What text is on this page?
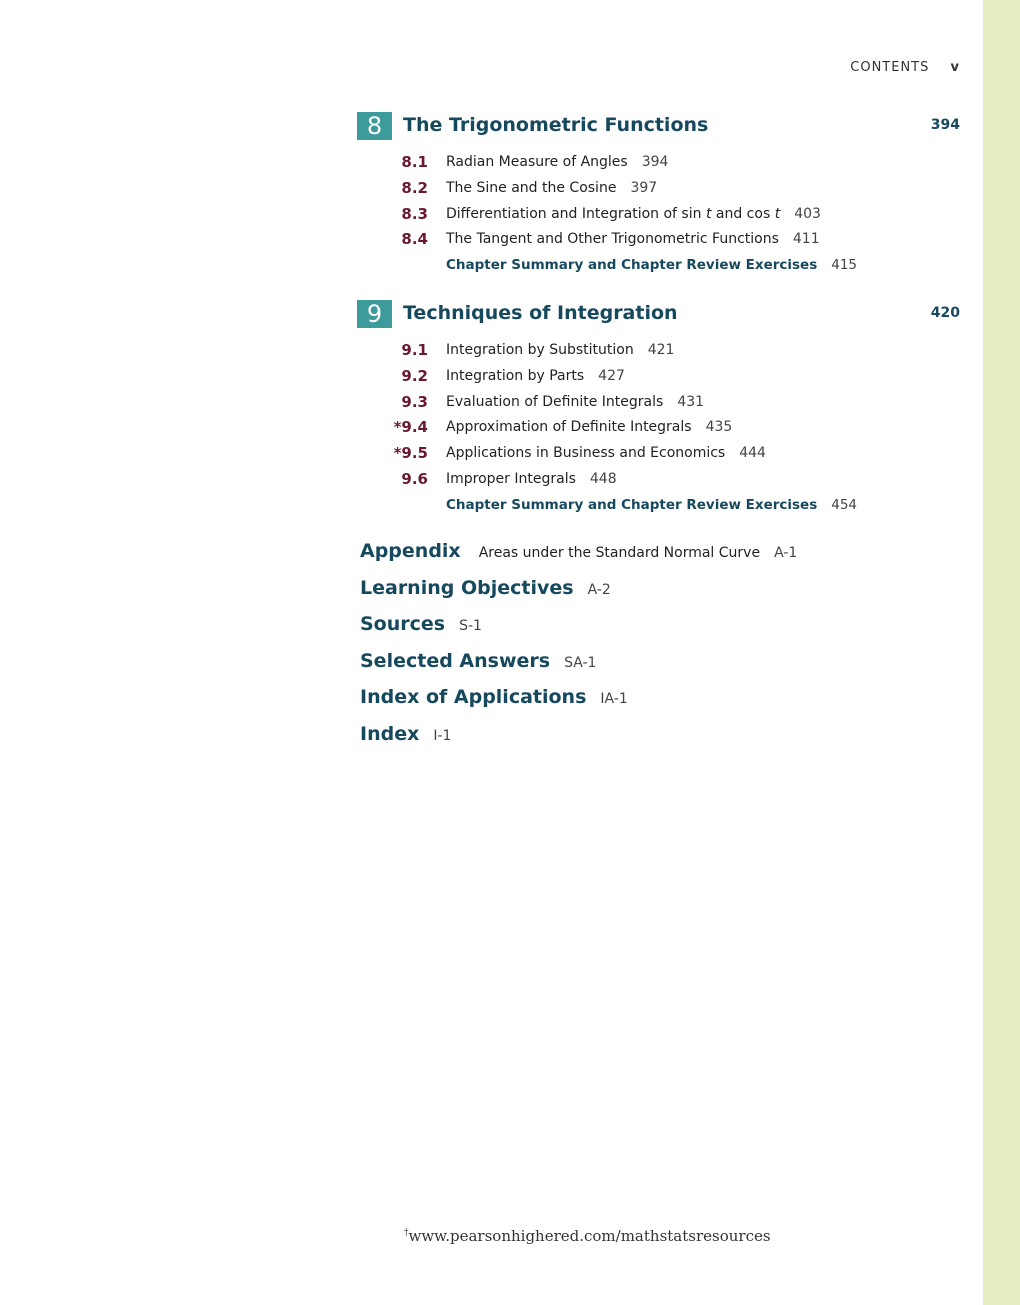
CONTENTS v
8	The Trigonometric Functions	394
8.1 Radian Measure of Angles 394
8.2 The Sine and the Cosine 397
8.3 Differentiation and Integration of sin t and cos t 403
8.4 The Tangent and Other Trigonometric Functions 411
Chapter Summary and Chapter Review Exercises 415
9	Techniques of Integration	420
9.1 Integration by Substitution 421
9.2 Integration by Parts 427
9.3 Evaluation of Definite Integrals 431
*9.4 Approximation of Definite Integrals 435
*9.5 Applications in Business and Economics 444
9.6 Improper Integrals 448
Chapter Summary and Chapter Review Exercises 454
Appendix Areas under the Standard Normal Curve A-1
Learning Objectives A-2
Sources S-1
Selected Answers SA-1
Index of Applications IA-1
Index I-1
†www.pearsonhighered.com/mathstatsresources
